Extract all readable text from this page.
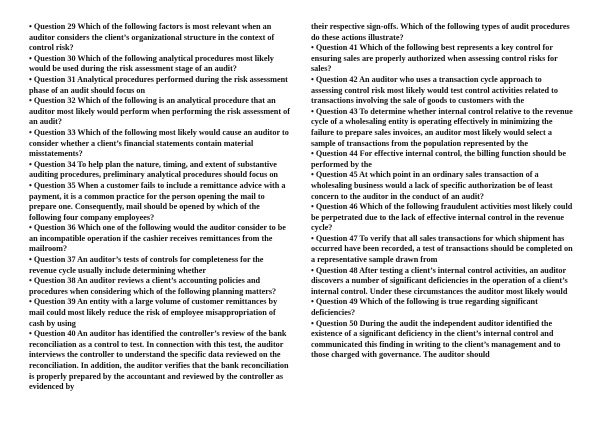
• Question 29 Which of the following factors is most relevant when an auditor considers the client’s organizational structure in the context of control risk?

• Question 30 Which of the following analytical procedures most likely would be used during the risk assessment stage of an audit?

• Question 31 Analytical procedures performed during the risk assessment phase of an audit should focus on

• Question 32 Which of the following is an analytical procedure that an auditor most likely would perform when performing the risk assessment of an audit?

• Question 33 Which of the following most likely would cause an auditor to consider whether a client’s financial statements contain material misstatements?

• Question 34 To help plan the nature, timing, and extent of substantive auditing procedures, preliminary analytical procedures should focus on

• Question 35 When a customer fails to include a remittance advice with a payment, it is a common practice for the person opening the mail to prepare one. Consequently, mail should be opened by which of the following four company employees?

• Question 36 Which one of the following would the auditor consider to be an incompatible operation if the cashier receives remittances from the mailroom?

• Question 37 An auditor’s tests of controls for completeness for the revenue cycle usually include determining whether

• Question 38 An auditor reviews a client’s accounting policies and procedures when considering which of the following planning matters?

• Question 39 An entity with a large volume of customer remittances by mail could most likely reduce the risk of employee misappropriation of cash by using

• Question 40 An auditor has identified the controller’s review of the bank reconciliation as a control to test. In connection with this test, the auditor interviews the controller to understand the specific data reviewed on the reconciliation. In addition, the auditor verifies that the bank reconciliation is properly prepared by the accountant and reviewed by the controller as evidenced by

their respective sign-offs. Which of the following types of audit procedures do these actions illustrate?

• Question 41 Which of the following best represents a key control for ensuring sales are properly authorized when assessing control risks for sales?

• Question 42 An auditor who uses a transaction cycle approach to assessing control risk most likely would test control activities related to transactions involving the sale of goods to customers with the

• Question 43 To determine whether internal control relative to the revenue cycle of a wholesaling entity is operating effectively in minimizing the failure to prepare sales invoices, an auditor most likely would select a sample of transactions from the population represented by the

• Question 44 For effective internal control, the billing function should be performed by the

• Question 45 At which point in an ordinary sales transaction of a wholesaling business would a lack of specific authorization be of least concern to the auditor in the conduct of an audit?

• Question 46 Which of the following fraudulent activities most likely could be perpetrated due to the lack of effective internal control in the revenue cycle?

• Question 47 To verify that all sales transactions for which shipment has occurred have been recorded, a test of transactions should be completed on a representative sample drawn from

• Question 48 After testing a client’s internal control activities, an auditor discovers a number of significant deficiencies in the operation of a client’s internal control. Under these circumstances the auditor most likely would

• Question 49 Which of the following is true regarding significant deficiencies?

• Question 50 During the audit the independent auditor identified the existence of a significant deficiency in the client’s internal control and communicated this finding in writing to the client’s management and to those charged with governance. The auditor should
